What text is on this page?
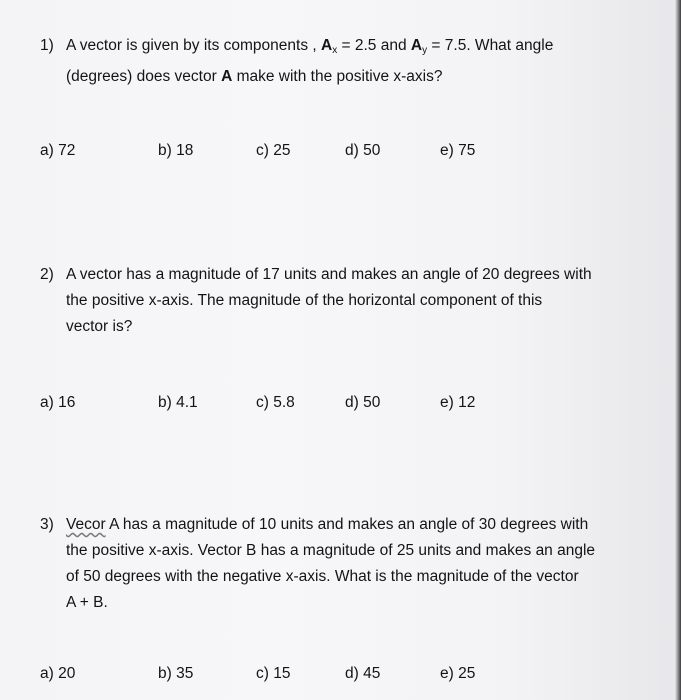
1) A vector is given by its components , $A_x = 2.5$ and $A_y = 7.5$. What angle
(degrees) does vector A make with the positive x-axis?
a) 72	b) 18	c) 25	d) 50	e) 75
2) A vector has a magnitude of 17 units and makes an angle of 20 degrees with
the positive x-axis. The magnitude of the horizontal component of this
vector is?
a) 16	b) 4.1	c) 5.8	d) 50	e) 12
3) Vecor A has a magnitude of 10 units and makes an angle of 30 degrees with
the positive x-axis. Vector B has a magnitude of 25 units and makes an angle
of 50 degrees with the negative x-axis. What is the magnitude of the vector
A + B.
a) 20	b) 35	c) 15	d) 45	e) 25
